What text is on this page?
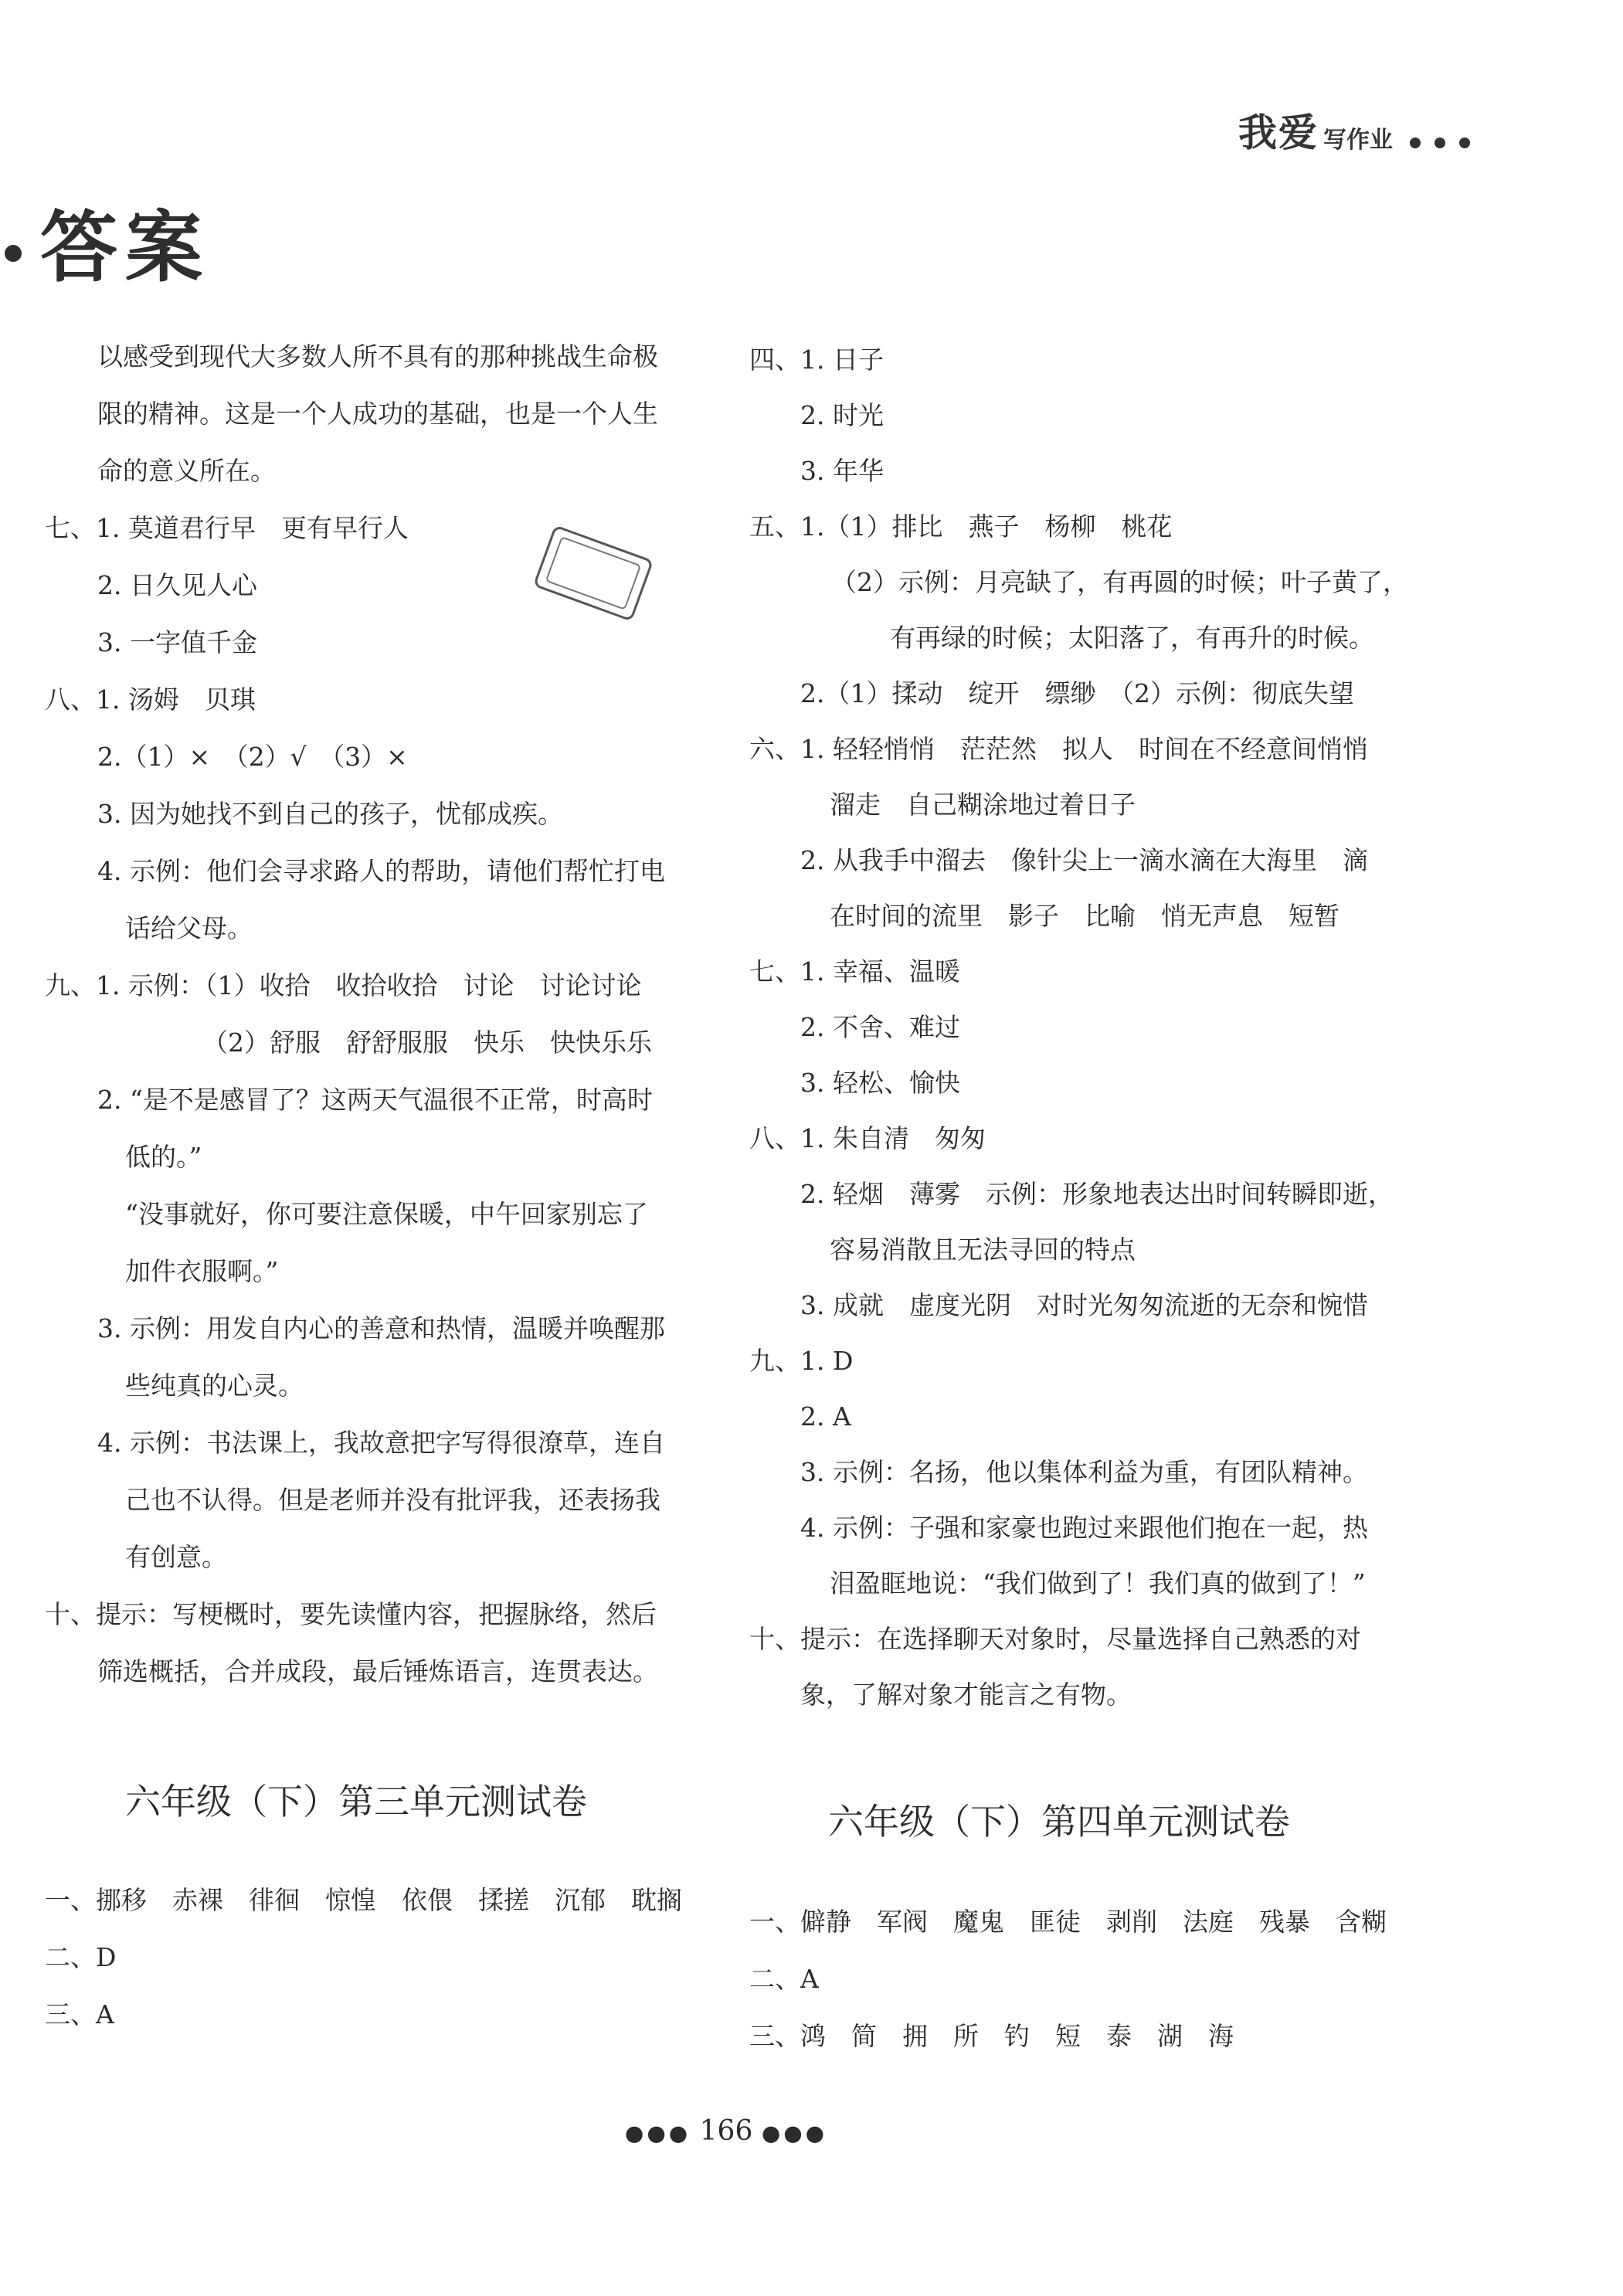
我爱 写作业
答案
以感受到现代大多数人所不具有的那种挑战生命极
限的精神。这是一个人成功的基础，也是一个人生
命的意义所在。
七、1. 莫道君行早　更有早行人
2. 日久见人心
3. 一字值千金
八、1. 汤姆　贝琪
2.（1）×　（2）√　（3）×
3. 因为她找不到自己的孩子，忧郁成疾。
4. 示例：他们会寻求路人的帮助，请他们帮忙打电
话给父母。
九、1. 示例：（1）收拾　收拾收拾　讨论　讨论讨论
（2）舒服　舒舒服服　快乐　快快乐乐
2. “是不是感冒了？这两天气温很不正常，时高时
低的。”
“没事就好，你可要注意保暖，中午回家别忘了
加件衣服啊。”
3. 示例：用发自内心的善意和热情，温暖并唤醒那
些纯真的心灵。
4. 示例：书法课上，我故意把字写得很潦草，连自
己也不认得。但是老师并没有批评我，还表扬我
有创意。
十、提示：写梗概时，要先读懂内容，把握脉络，然后
筛选概括，合并成段，最后锤炼语言，连贯表达。
六年级（下）第三单元测试卷
一、挪移　赤裸　徘徊　惊惶　依偎　揉搓　沉郁　耽搁
二、D
三、A
四、1. 日子
2. 时光
3. 年华
五、1.（1）排比　燕子　杨柳　桃花
（2）示例：月亮缺了，有再圆的时候；叶子黄了，
有再绿的时候；太阳落了，有再升的时候。
2.（1）揉动　绽开　缥缈　（2）示例：彻底失望
六、1. 轻轻悄悄　茫茫然　拟人　时间在不经意间悄悄
溜走　自己糊涂地过着日子
2. 从我手中溜去　像针尖上一滴水滴在大海里　滴
在时间的流里　影子　比喻　悄无声息　短暂
七、1. 幸福、温暖
2. 不舍、难过
3. 轻松、愉快
八、1. 朱自清　匆匆
2. 轻烟　薄雾　示例：形象地表达出时间转瞬即逝，
容易消散且无法寻回的特点
3. 成就　虚度光阴　对时光匆匆流逝的无奈和惋惜
九、1. D
2. A
3. 示例：名扬，他以集体利益为重，有团队精神。
4. 示例：子强和家豪也跑过来跟他们抱在一起，热
泪盈眶地说：“我们做到了！我们真的做到了！”
十、提示：在选择聊天对象时，尽量选择自己熟悉的对
象，了解对象才能言之有物。
六年级（下）第四单元测试卷
一、僻静　军阀　魔鬼　匪徒　剥削　法庭　残暴　含糊
二、A
三、鸿　简　拥　所　钓　短　泰　湖　海
●●● 166 ●●●
